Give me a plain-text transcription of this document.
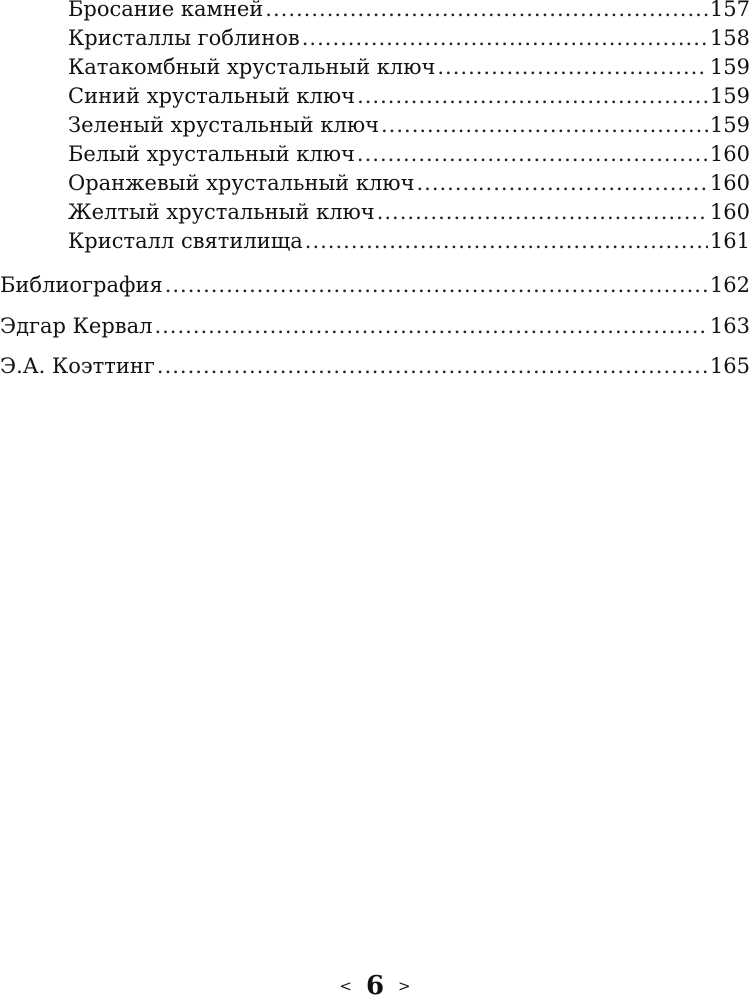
Бросание камней .....	157
Кристаллы гоблинов .....	158
Катакомбный хрустальный ключ .....	159
Синий хрустальный ключ .....	159
Зеленый хрустальный ключ .....	159
Белый хрустальный ключ .....	160
Оранжевый хрустальный ключ .....	160
Желтый хрустальный ключ .....	160
Кристалл святилища .....	161
Библиография .....	162
Эдгар Кервал .....	163
Э.А. Коэттинг .....	165
< 6 >
